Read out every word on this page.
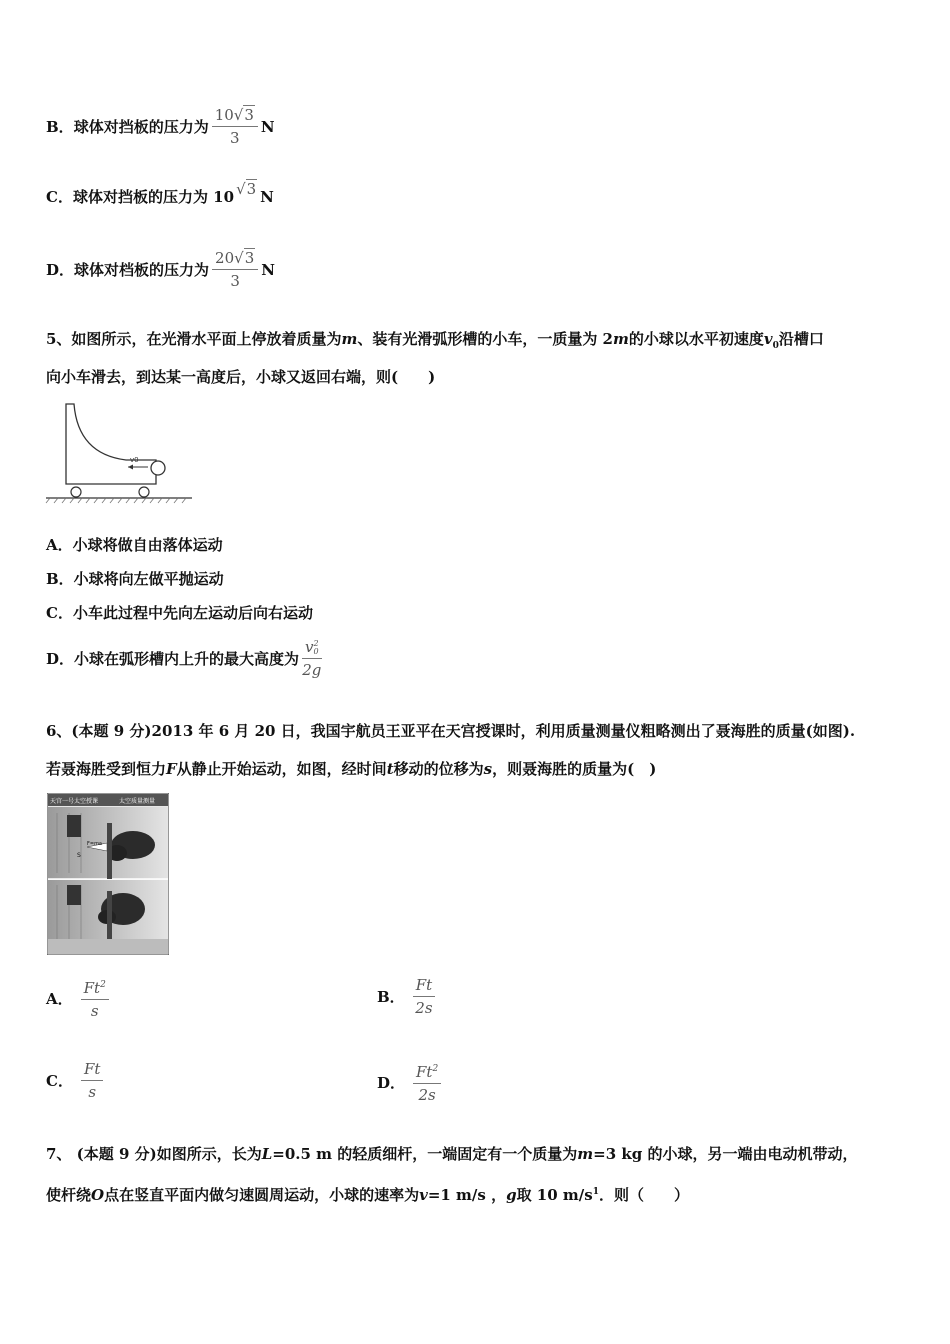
B． 球体对挡板的压力为 $\frac{10√3}{3}$ N
C． 球体对挡板的压力为 10 √3 N
D． 球体对档板的压力为 $\frac{20√3}{3}$ N
5、如图所示，在光滑水平面上停放着质量为m、装有光滑弧形槽的小车，一质量为 2m的小球以水平初速度$v_0$沿槽口
向小车滑去，到达某一高度后，小球又返回右端，则(　　)
v0
A．小球将做自由落体运动
B．小球将向左做平抛运动
C．小车此过程中先向左运动后向右运动
D．小球在弧形槽内上升的最大高度为 v 2
0
2g
6、(本题 9 分)2013 年 6 月 20 日，我国宇航员王亚平在天宫授课时，利用质量测量仪粗略测出了聂海胜的质量(如图).
若聂海胜受到恒力F从静止开始运动，如图，经时间t移动的位移为s，则聂海胜的质量为(　)
天宫一号太空授课	太空质量测量
F=ma
S
A． $\frac{Ft^2}{s}$	B． $\frac{Ft}{2s}$
C． $\frac{Ft}{s}$	D． $\frac{Ft^2}{2s}$
7、 (本题 9 分)如图所示，长为L=0.5 m 的轻质细杆，一端固定有一个质量为m=3 kg 的小球，另一端由电动机带动，
使杆绕O点在竖直平面内做匀速圆周运动，小球的速率为v=1 m/s ，g取 10 $m/s^1$．则（　　）
